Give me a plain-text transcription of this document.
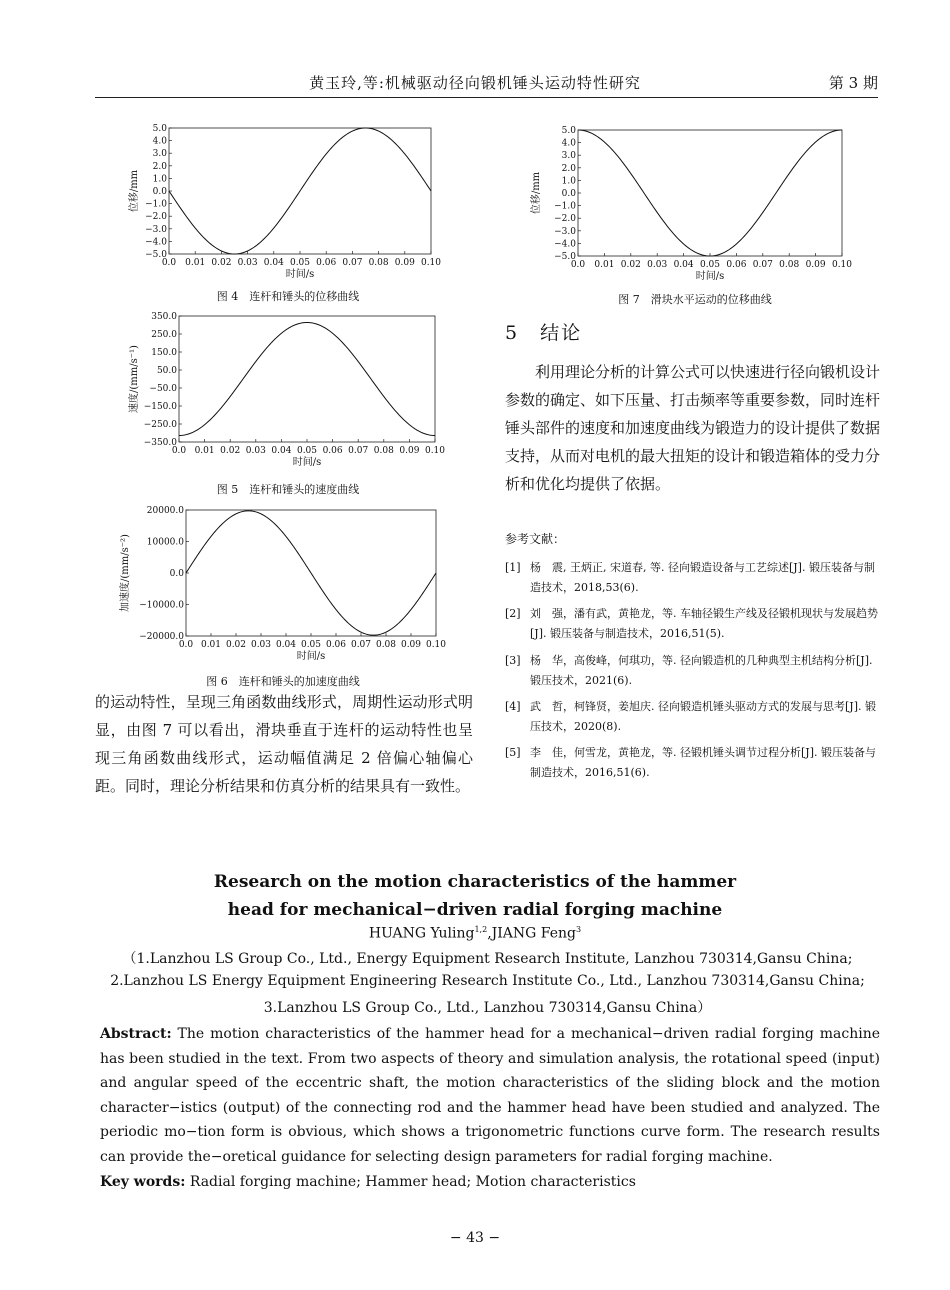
黄玉玲,等:机械驱动径向锻机锤头运动特性研究	第 3 期
5.0
4.0
3.0
2.0
1.0
0.0
−1.0
−2.0
−3.0
−4.0
−5.0
0.0 0.01 0.02 0.03 0.04 0.05 0.06 0.07 0.08 0.09 0.10
时间/s
位移/mm
图 4　连杆和锤头的位移曲线
350.0
250.0
150.0
50.0
−50.0
−150.0
−250.0
−350.0
0.0 0.01 0.02 0.03 0.04 0.05 0.06 0.07 0.08 0.09 0.10
时间/s
速度/(mm/s⁻¹)
图 5　连杆和锤头的速度曲线
20000.0
10000.0
0.0
−10000.0
−20000.0
0.0 0.01 0.02 0.03 0.04 0.05 0.06 0.07 0.08 0.09 0.10
时间/s
加速度/(mm/s⁻²)
图 6　连杆和锤头的加速度曲线
5.0
4.0
3.0
2.0
1.0
0.0
−1.0
−2.0
−3.0
−4.0
−5.0
0.0 0.01 0.02 0.03 0.04 0.05 0.06 0.07 0.08 0.09 0.10
时间/s
位移/mm
图 7　滑块水平运动的位移曲线
5　结论
利用理论分析的计算公式可以快速进行径向锻机设计参数的确定、如下压量、打击频率等重要参数，同时连杆锤头部件的速度和加速度曲线为锻造力的设计提供了数据支持，从而对电机的最大扭矩的设计和锻造箱体的受力分析和优化均提供了依据。
的运动特性，呈现三角函数曲线形式，周期性运动形式明显，由图 7 可以看出，滑块垂直于连杆的运动特性也呈现三角函数曲线形式，运动幅值满足 2 倍偏心轴偏心距。同时，理论分析结果和仿真分析的结果具有一致性。
参考文献：
[1] 杨　震, 王炳正, 宋道春, 等. 径向锻造设备与工艺综述[J]. 锻压装备与制造技术，2018,53(6).
[2] 刘　强，潘有武，黄艳龙，等. 车轴径锻生产线及径锻机现状与发展趋势[J]. 锻压装备与制造技术，2016,51(5).
[3] 杨　华，高俊峰，何琪功，等. 径向锻造机的几种典型主机结构分析[J]. 锻压技术，2021(6).
[4] 武　哲，柯锋贤，姜旭庆. 径向锻造机锤头驱动方式的发展与思考[J]. 锻压技术，2020(8).
[5] 李　佳，何雪龙，黄艳龙，等. 径锻机锤头调节过程分析[J]. 锻压装备与制造技术，2016,51(6).
Research on the motion characteristics of the hammer
head for mechanical−driven radial forging machine
HUANG Yuling$^{1,2}$,JIANG Feng$^3$
（1.Lanzhou LS Group Co., Ltd., Energy Equipment Research Institute, Lanzhou 730314,Gansu China;
2.Lanzhou LS Energy Equipment Engineering Research Institute Co., Ltd., Lanzhou 730314,Gansu China;
3.Lanzhou LS Group Co., Ltd., Lanzhou 730314,Gansu China）
Abstract: The motion characteristics of the hammer head for a mechanical−driven radial forging machine has been studied in the text. From two aspects of theory and simulation analysis, the rotational speed (input) and angular speed of the eccentric shaft, the motion characteristics of the sliding block and the motion character−istics (output) of the connecting rod and the hammer head have been studied and analyzed. The periodic mo−tion form is obvious, which shows a trigonometric functions curve form. The research results can provide the−oretical guidance for selecting design parameters for radial forging machine.
Key words: Radial forging machine; Hammer head; Motion characteristics
− 43 −
